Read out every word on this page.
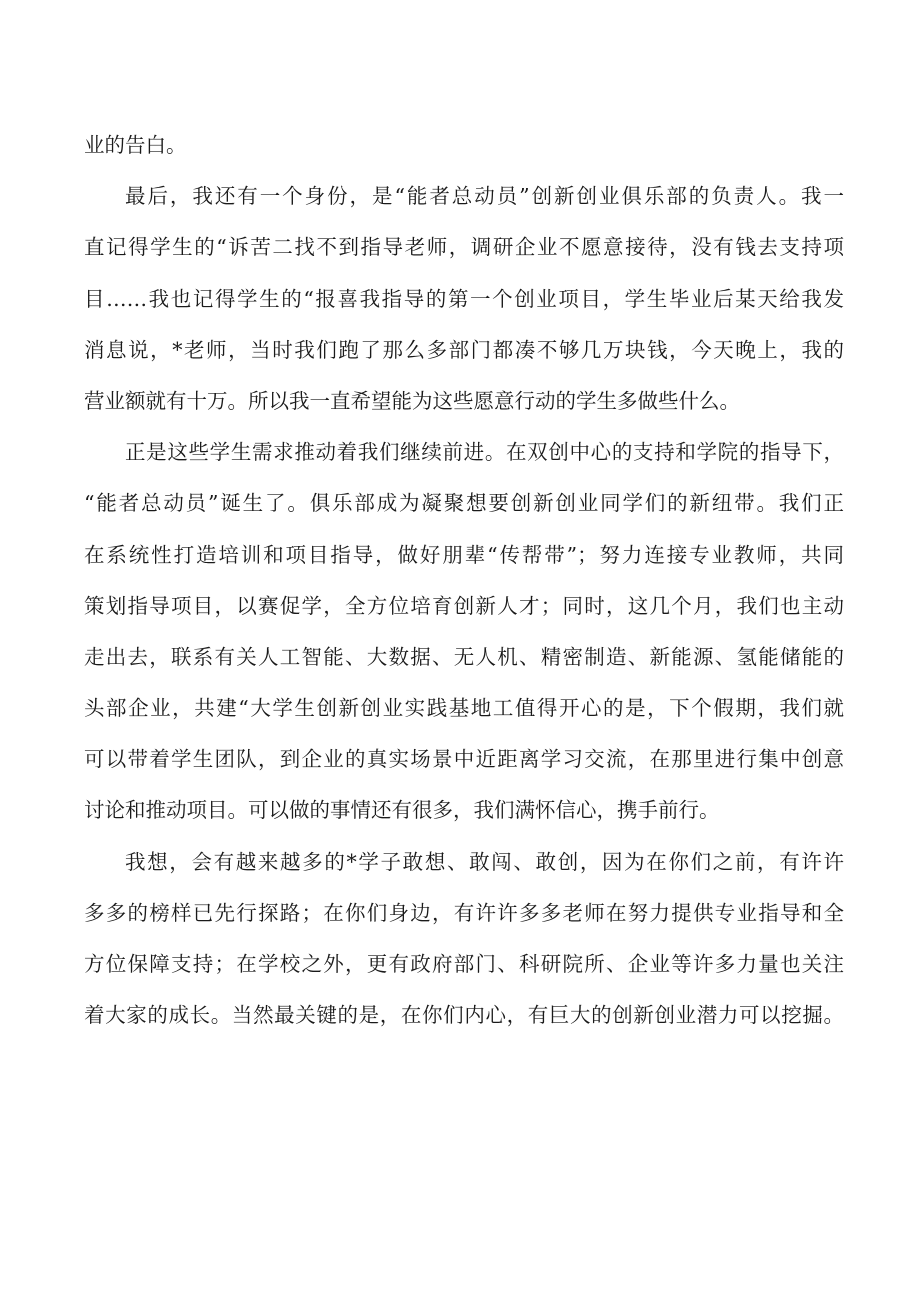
业的告白。
最后，我还有一个身份，是“能者总动员”创新创业俱乐部的负责人。我一
直记得学生的“诉苦二找不到指导老师，调研企业不愿意接待，没有钱去支持项
目……我也记得学生的“报喜我指导的第一个创业项目，学生毕业后某天给我发
消息说，*老师，当时我们跑了那么多部门都凑不够几万块钱，今天晚上，我的
营业额就有十万。所以我一直希望能为这些愿意行动的学生多做些什么。
正是这些学生需求推动着我们继续前进。在双创中心的支持和学院的指导下，
“能者总动员”诞生了。俱乐部成为凝聚想要创新创业同学们的新纽带。我们正
在系统性打造培训和项目指导，做好朋辈“传帮带”；努力连接专业教师，共同
策划指导项目，以赛促学，全方位培育创新人才；同时，这几个月，我们也主动
走出去，联系有关人工智能、大数据、无人机、精密制造、新能源、氢能储能的
头部企业，共建“大学生创新创业实践基地工值得开心的是，下个假期，我们就
可以带着学生团队，到企业的真实场景中近距离学习交流，在那里进行集中创意
讨论和推动项目。可以做的事情还有很多，我们满怀信心，携手前行。
我想，会有越来越多的*学子敢想、敢闯、敢创，因为在你们之前，有许许
多多的榜样已先行探路；在你们身边，有许许多多老师在努力提供专业指导和全
方位保障支持；在学校之外，更有政府部门、科研院所、企业等许多力量也关注
着大家的成长。当然最关键的是，在你们内心，有巨大的创新创业潜力可以挖掘。
